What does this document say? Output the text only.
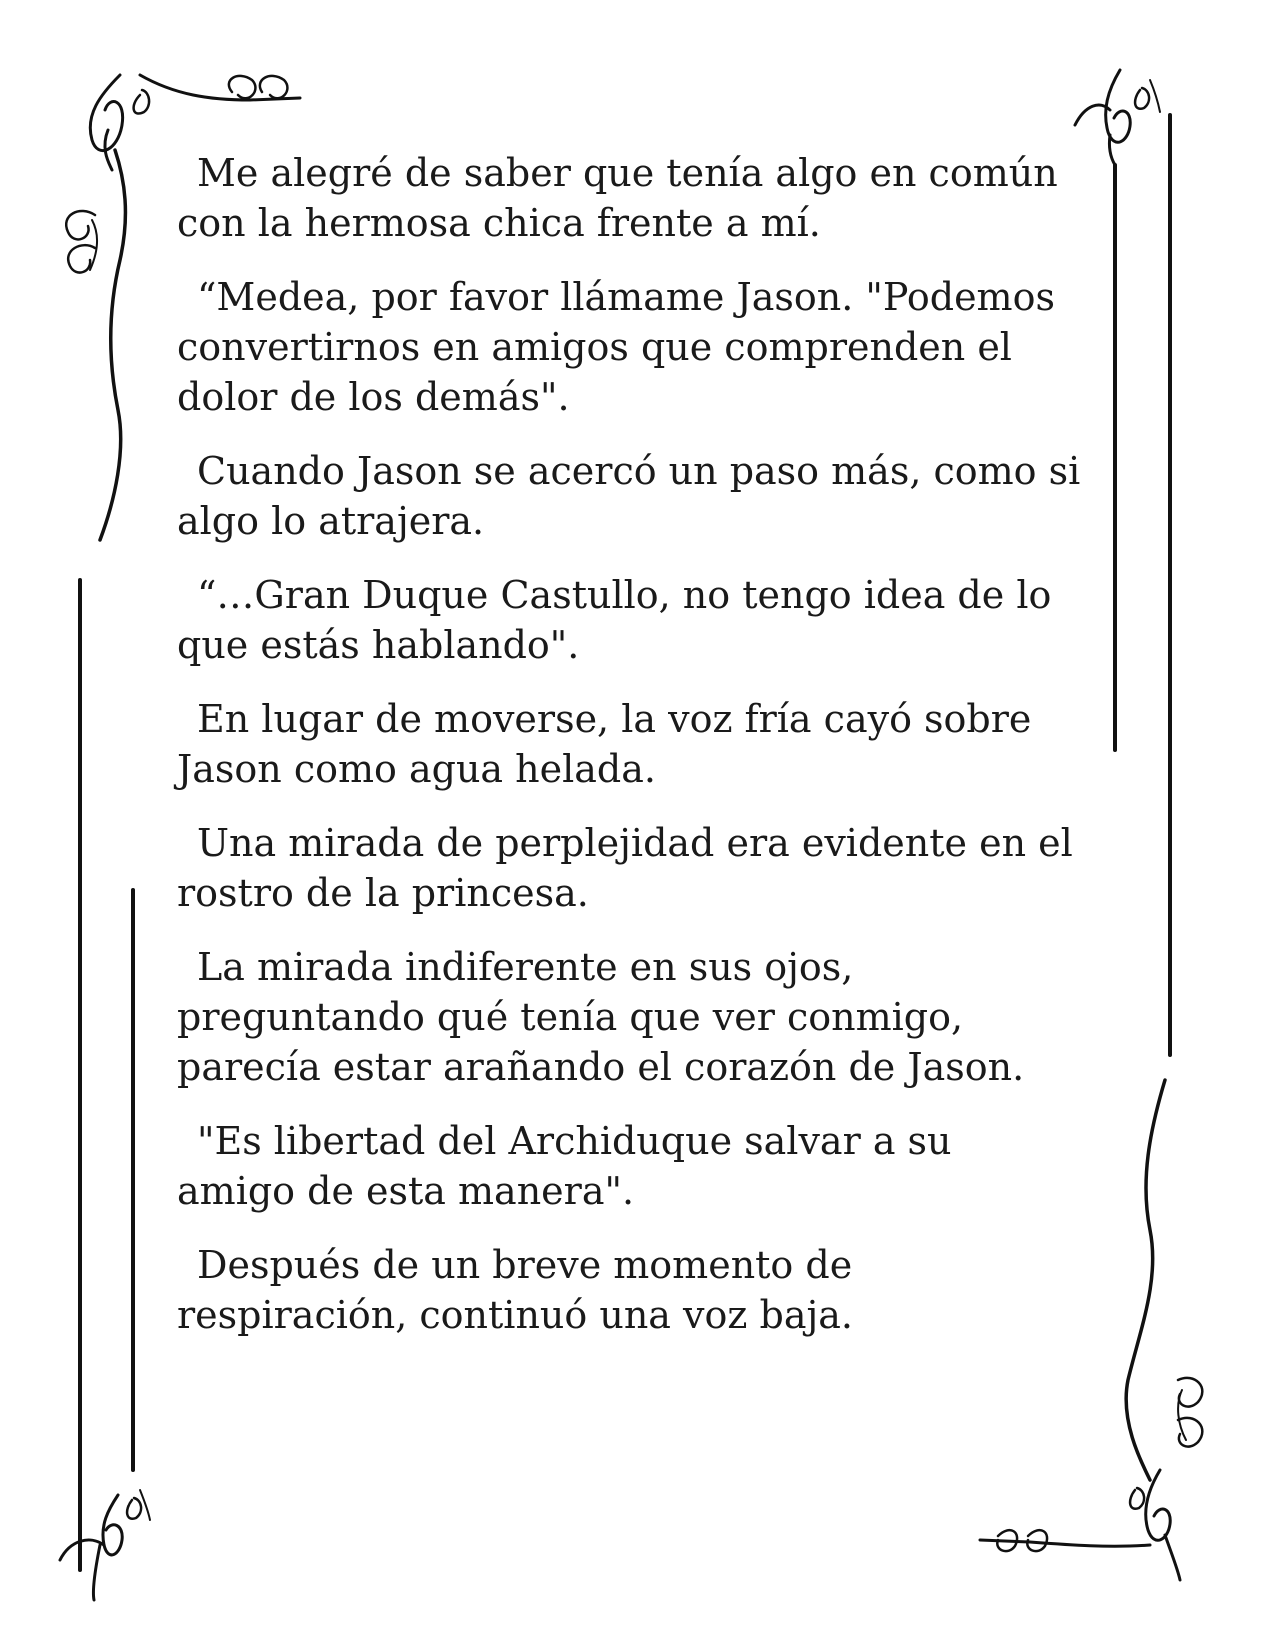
Me alegré de saber que tenía algo en común
con la hermosa chica frente a mí.

“Medea, por favor llámame Jason. "Podemos
convertirnos en amigos que comprenden el
dolor de los demás".

Cuando Jason se acercó un paso más, como si
algo lo atrajera.

“…Gran Duque Castullo, no tengo idea de lo
que estás hablando".

En lugar de moverse, la voz fría cayó sobre
Jason como agua helada.

Una mirada de perplejidad era evidente en el
rostro de la princesa.

La mirada indiferente en sus ojos,
preguntando qué tenía que ver conmigo,
parecía estar arañando el corazón de Jason.

"Es libertad del Archiduque salvar a su
amigo de esta manera".

Después de un breve momento de
respiración, continuó una voz baja.
